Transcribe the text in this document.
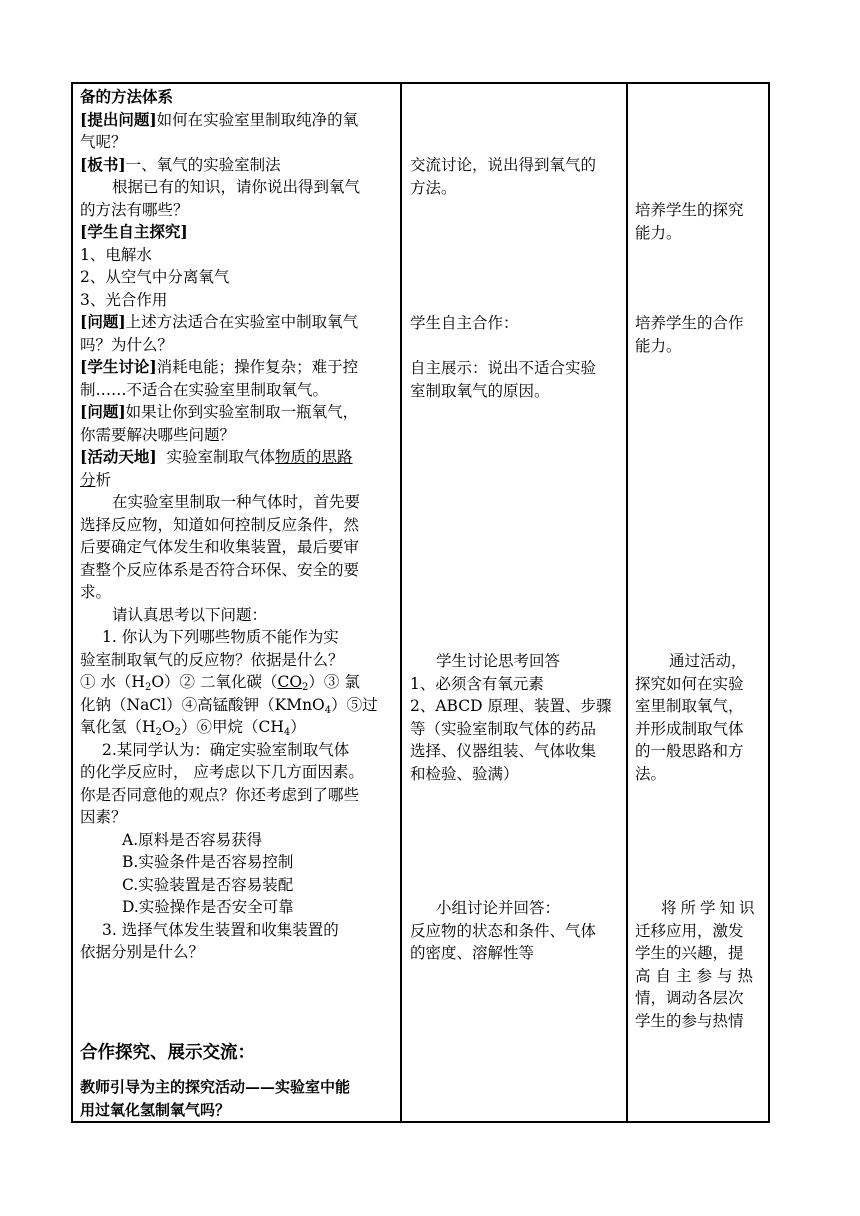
备的方法体系
[提出问题]如何在实验室里制取纯净的氧
气呢？
[板书]一、氧气的实验室制法
根据已有的知识，请你说出得到氧气
的方法有哪些？
[学生自主探究]
1、电解水
2、从空气中分离氧气
3、光合作用
[问题]上述方法适合在实验室中制取氧气
吗？为什么？
[学生讨论]消耗电能；操作复杂；难于控
制……不适合在实验室里制取氧气。
[问题]如果让你到实验室制取一瓶氧气，
你需要解决哪些问题？
[活动天地] 实验室制取气体物质的思路
分析
在实验室里制取一种气体时，首先要
选择反应物，知道如何控制反应条件，然
后要确定气体发生和收集装置，最后要审
查整个反应体系是否符合环保、安全的要
求。
请认真思考以下问题：
1. 你认为下列哪些物质不能作为实
验室制取氧气的反应物？依据是什么？
① 水$(H_2O)②$ 二氧化碳$(CO_2)③$ 氯
化钠（NaCl）④高锰酸钾（KMnO$_4$）⑤过
氧化氢$(H_2O_2)⑥$甲烷$(CH_4)$
2.某同学认为：确定实验室制取气体
的化学反应时， 应考虑以下几方面因素。
你是否同意他的观点？你还考虑到了哪些
因素？
A.原料是否容易获得
B.实验条件是否容易控制
C.实验装置是否容易装配
D.实验操作是否安全可靠
3. 选择气体发生装置和收集装置的
依据分别是什么？
合作探究、展示交流：
教师引导为主的探究活动——实验室中能
用过氧化氢制氧气吗？
交流讨论，说出得到氧气的
方法。
学生自主合作：
自主展示：说出不适合实验
室制取氧气的原因。
学生讨论思考回答
1、必须含有氧元素
2、ABCD 原理、装置、步骤
等（实验室制取气体的药品
选择、仪器组装、气体收集
和检验、验满）
小组讨论并回答：
反应物的状态和条件、气体
的密度、溶解性等
培养学生的探究
能力。
培养学生的合作
能力。
通过活动，
探究如何在实验
室里制取氧气，
并形成制取气体
的一般思路和方
法。
将所学知识
迁移应用，激发
学生的兴趣，提
高自主参与热
情，调动各层次
学生的参与热情
